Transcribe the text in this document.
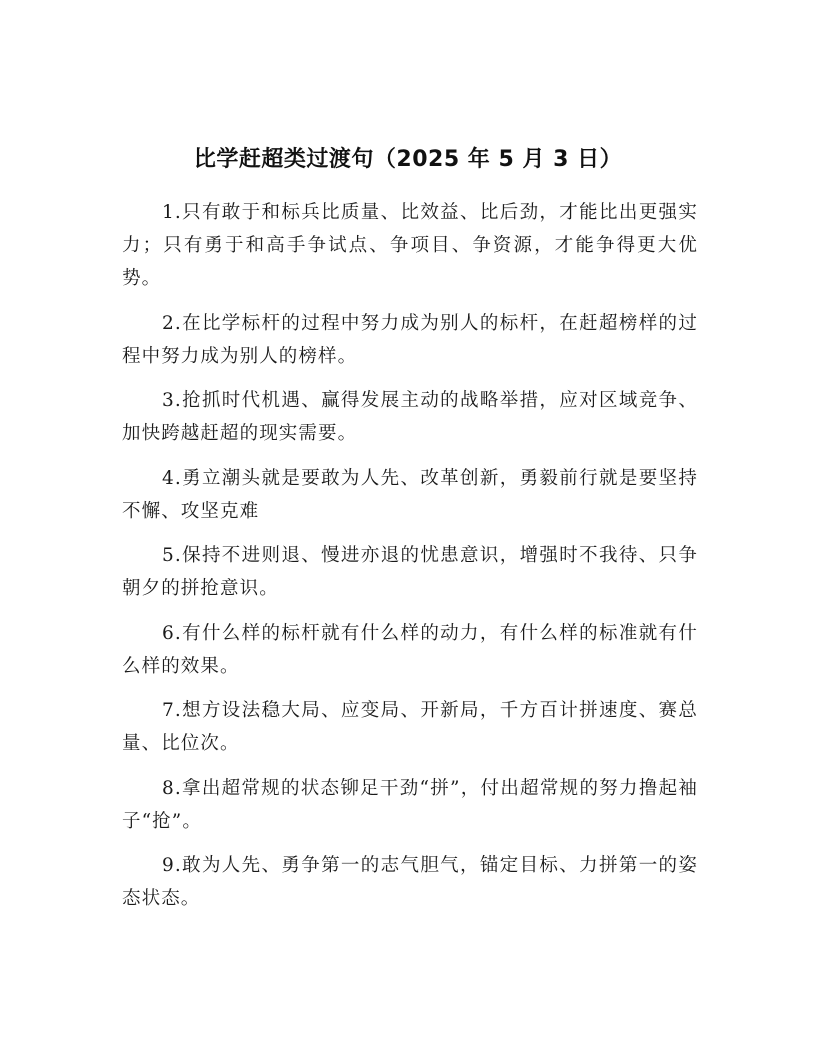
比学赶超类过渡句（2025 年 5 月 3 日）

1.只有敢于和标兵比质量、比效益、比后劲，才能比出更强实力；只有勇于和高手争试点、争项目、争资源，才能争得更大优势。

2.在比学标杆的过程中努力成为别人的标杆，在赶超榜样的过程中努力成为别人的榜样。

3.抢抓时代机遇、赢得发展主动的战略举措，应对区域竞争、加快跨越赶超的现实需要。

4.勇立潮头就是要敢为人先、改革创新，勇毅前行就是要坚持不懈、攻坚克难

5.保持不进则退、慢进亦退的忧患意识，增强时不我待、只争朝夕的拼抢意识。

6.有什么样的标杆就有什么样的动力，有什么样的标准就有什么样的效果。

7.想方设法稳大局、应变局、开新局，千方百计拼速度、赛总量、比位次。

8.拿出超常规的状态铆足干劲“拼”，付出超常规的努力撸起袖子“抢”。

9.敢为人先、勇争第一的志气胆气，锚定目标、力拼第一的姿态状态。
